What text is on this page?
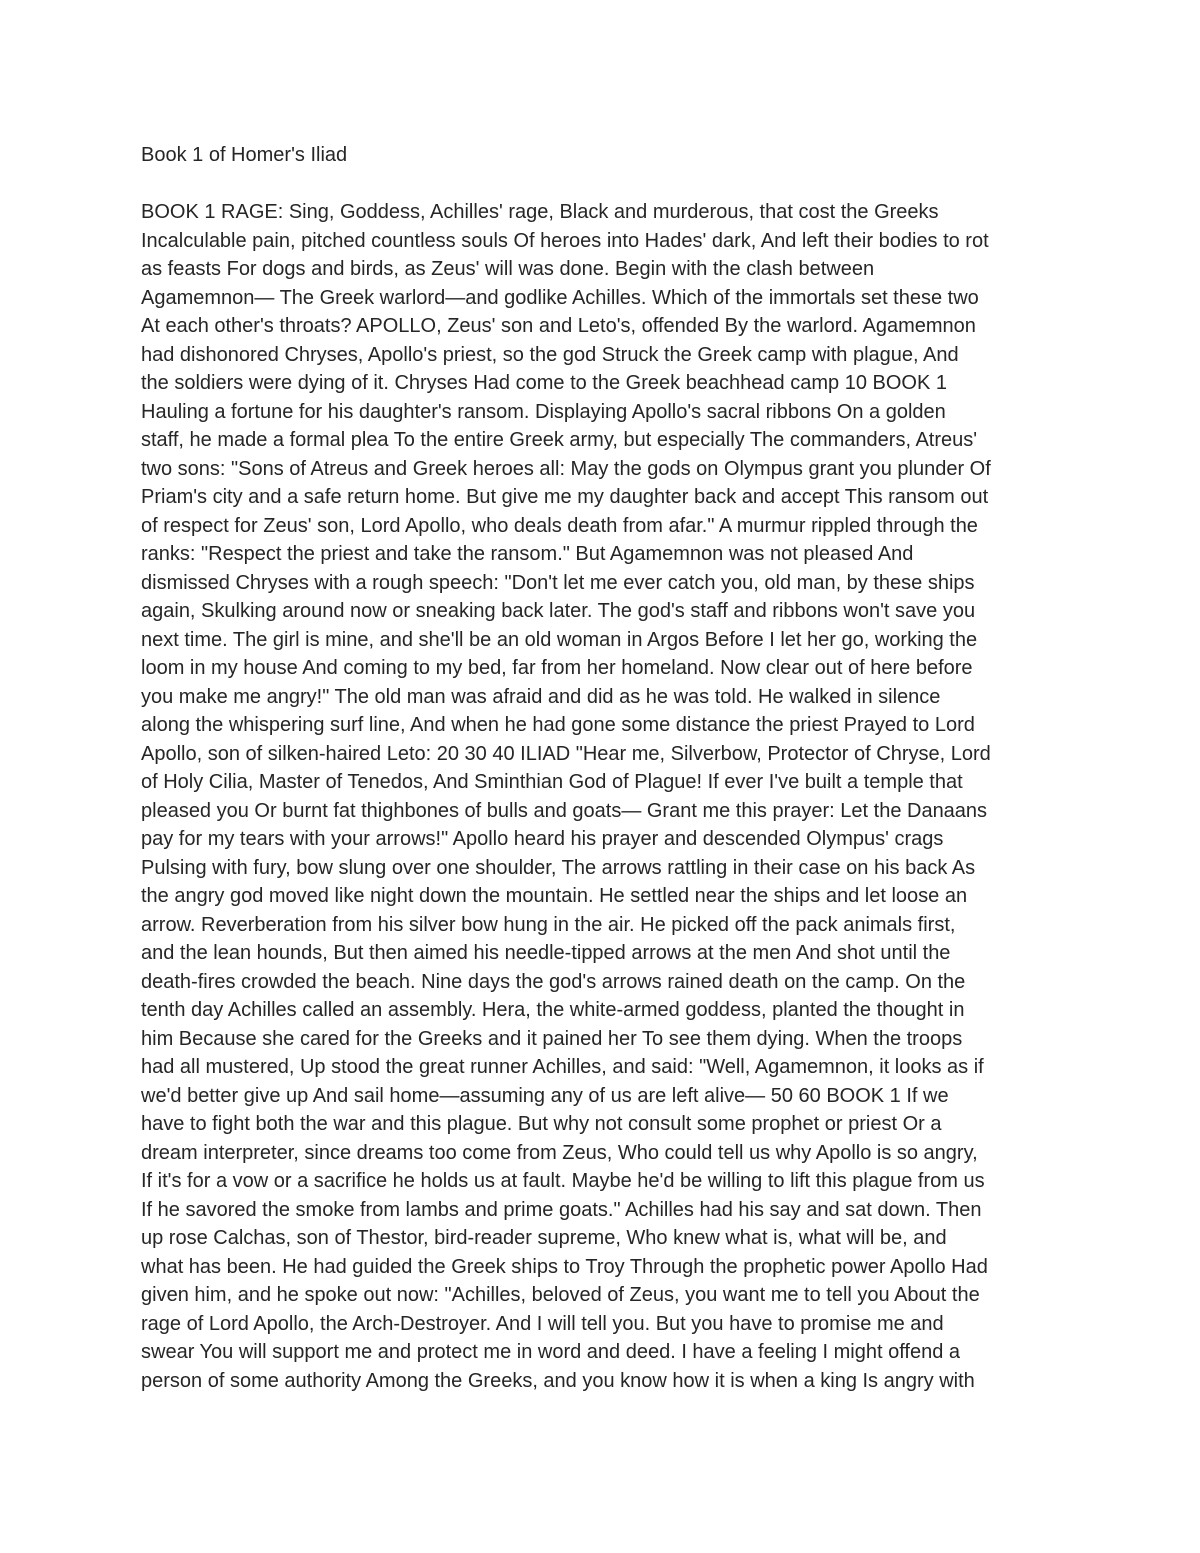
Book 1 of Homer's Iliad
BOOK 1 RAGE: Sing, Goddess, Achilles' rage, Black and murderous, that cost the Greeks
Incalculable pain, pitched countless souls Of heroes into Hades' dark, And left their bodies to rot
as feasts For dogs and birds, as Zeus' will was done. Begin with the clash between
Agamemnon— The Greek warlord—and godlike Achilles. Which of the immortals set these two
At each other's throats? APOLLO, Zeus' son and Leto's, offended By the warlord. Agamemnon
had dishonored Chryses, Apollo's priest, so the god Struck the Greek camp with plague, And
the soldiers were dying of it. Chryses Had come to the Greek beachhead camp 10 BOOK 1
Hauling a fortune for his daughter's ransom. Displaying Apollo's sacral ribbons On a golden
staff, he made a formal plea To the entire Greek army, but especially The commanders, Atreus'
two sons: "Sons of Atreus and Greek heroes all: May the gods on Olympus grant you plunder Of
Priam's city and a safe return home. But give me my daughter back and accept This ransom out
of respect for Zeus' son, Lord Apollo, who deals death from afar." A murmur rippled through the
ranks: "Respect the priest and take the ransom." But Agamemnon was not pleased And
dismissed Chryses with a rough speech: "Don't let me ever catch you, old man, by these ships
again, Skulking around now or sneaking back later. The god's staff and ribbons won't save you
next time. The girl is mine, and she'll be an old woman in Argos Before I let her go, working the
loom in my house And coming to my bed, far from her homeland. Now clear out of here before
you make me angry!" The old man was afraid and did as he was told. He walked in silence
along the whispering surf line, And when he had gone some distance the priest Prayed to Lord
Apollo, son of silken-haired Leto: 20 30 40 ILIAD "Hear me, Silverbow, Protector of Chryse, Lord
of Holy Cilia, Master of Tenedos, And Sminthian God of Plague! If ever I've built a temple that
pleased you Or burnt fat thighbones of bulls and goats— Grant me this prayer: Let the Danaans
pay for my tears with your arrows!" Apollo heard his prayer and descended Olympus' crags
Pulsing with fury, bow slung over one shoulder, The arrows rattling in their case on his back As
the angry god moved like night down the mountain. He settled near the ships and let loose an
arrow. Reverberation from his silver bow hung in the air. He picked off the pack animals first,
and the lean hounds, But then aimed his needle-tipped arrows at the men And shot until the
death-fires crowded the beach. Nine days the god's arrows rained death on the camp. On the
tenth day Achilles called an assembly. Hera, the white-armed goddess, planted the thought in
him Because she cared for the Greeks and it pained her To see them dying. When the troops
had all mustered, Up stood the great runner Achilles, and said: "Well, Agamemnon, it looks as if
we'd better give up And sail home—assuming any of us are left alive— 50 60 BOOK 1 If we
have to fight both the war and this plague. But why not consult some prophet or priest Or a
dream interpreter, since dreams too come from Zeus, Who could tell us why Apollo is so angry,
If it's for a vow or a sacrifice he holds us at fault. Maybe he'd be willing to lift this plague from us
If he savored the smoke from lambs and prime goats." Achilles had his say and sat down. Then
up rose Calchas, son of Thestor, bird-reader supreme, Who knew what is, what will be, and
what has been. He had guided the Greek ships to Troy Through the prophetic power Apollo Had
given him, and he spoke out now: "Achilles, beloved of Zeus, you want me to tell you About the
rage of Lord Apollo, the Arch-Destroyer. And I will tell you. But you have to promise me and
swear You will support me and protect me in word and deed. I have a feeling I might offend a
person of some authority Among the Greeks, and you know how it is when a king Is angry with
